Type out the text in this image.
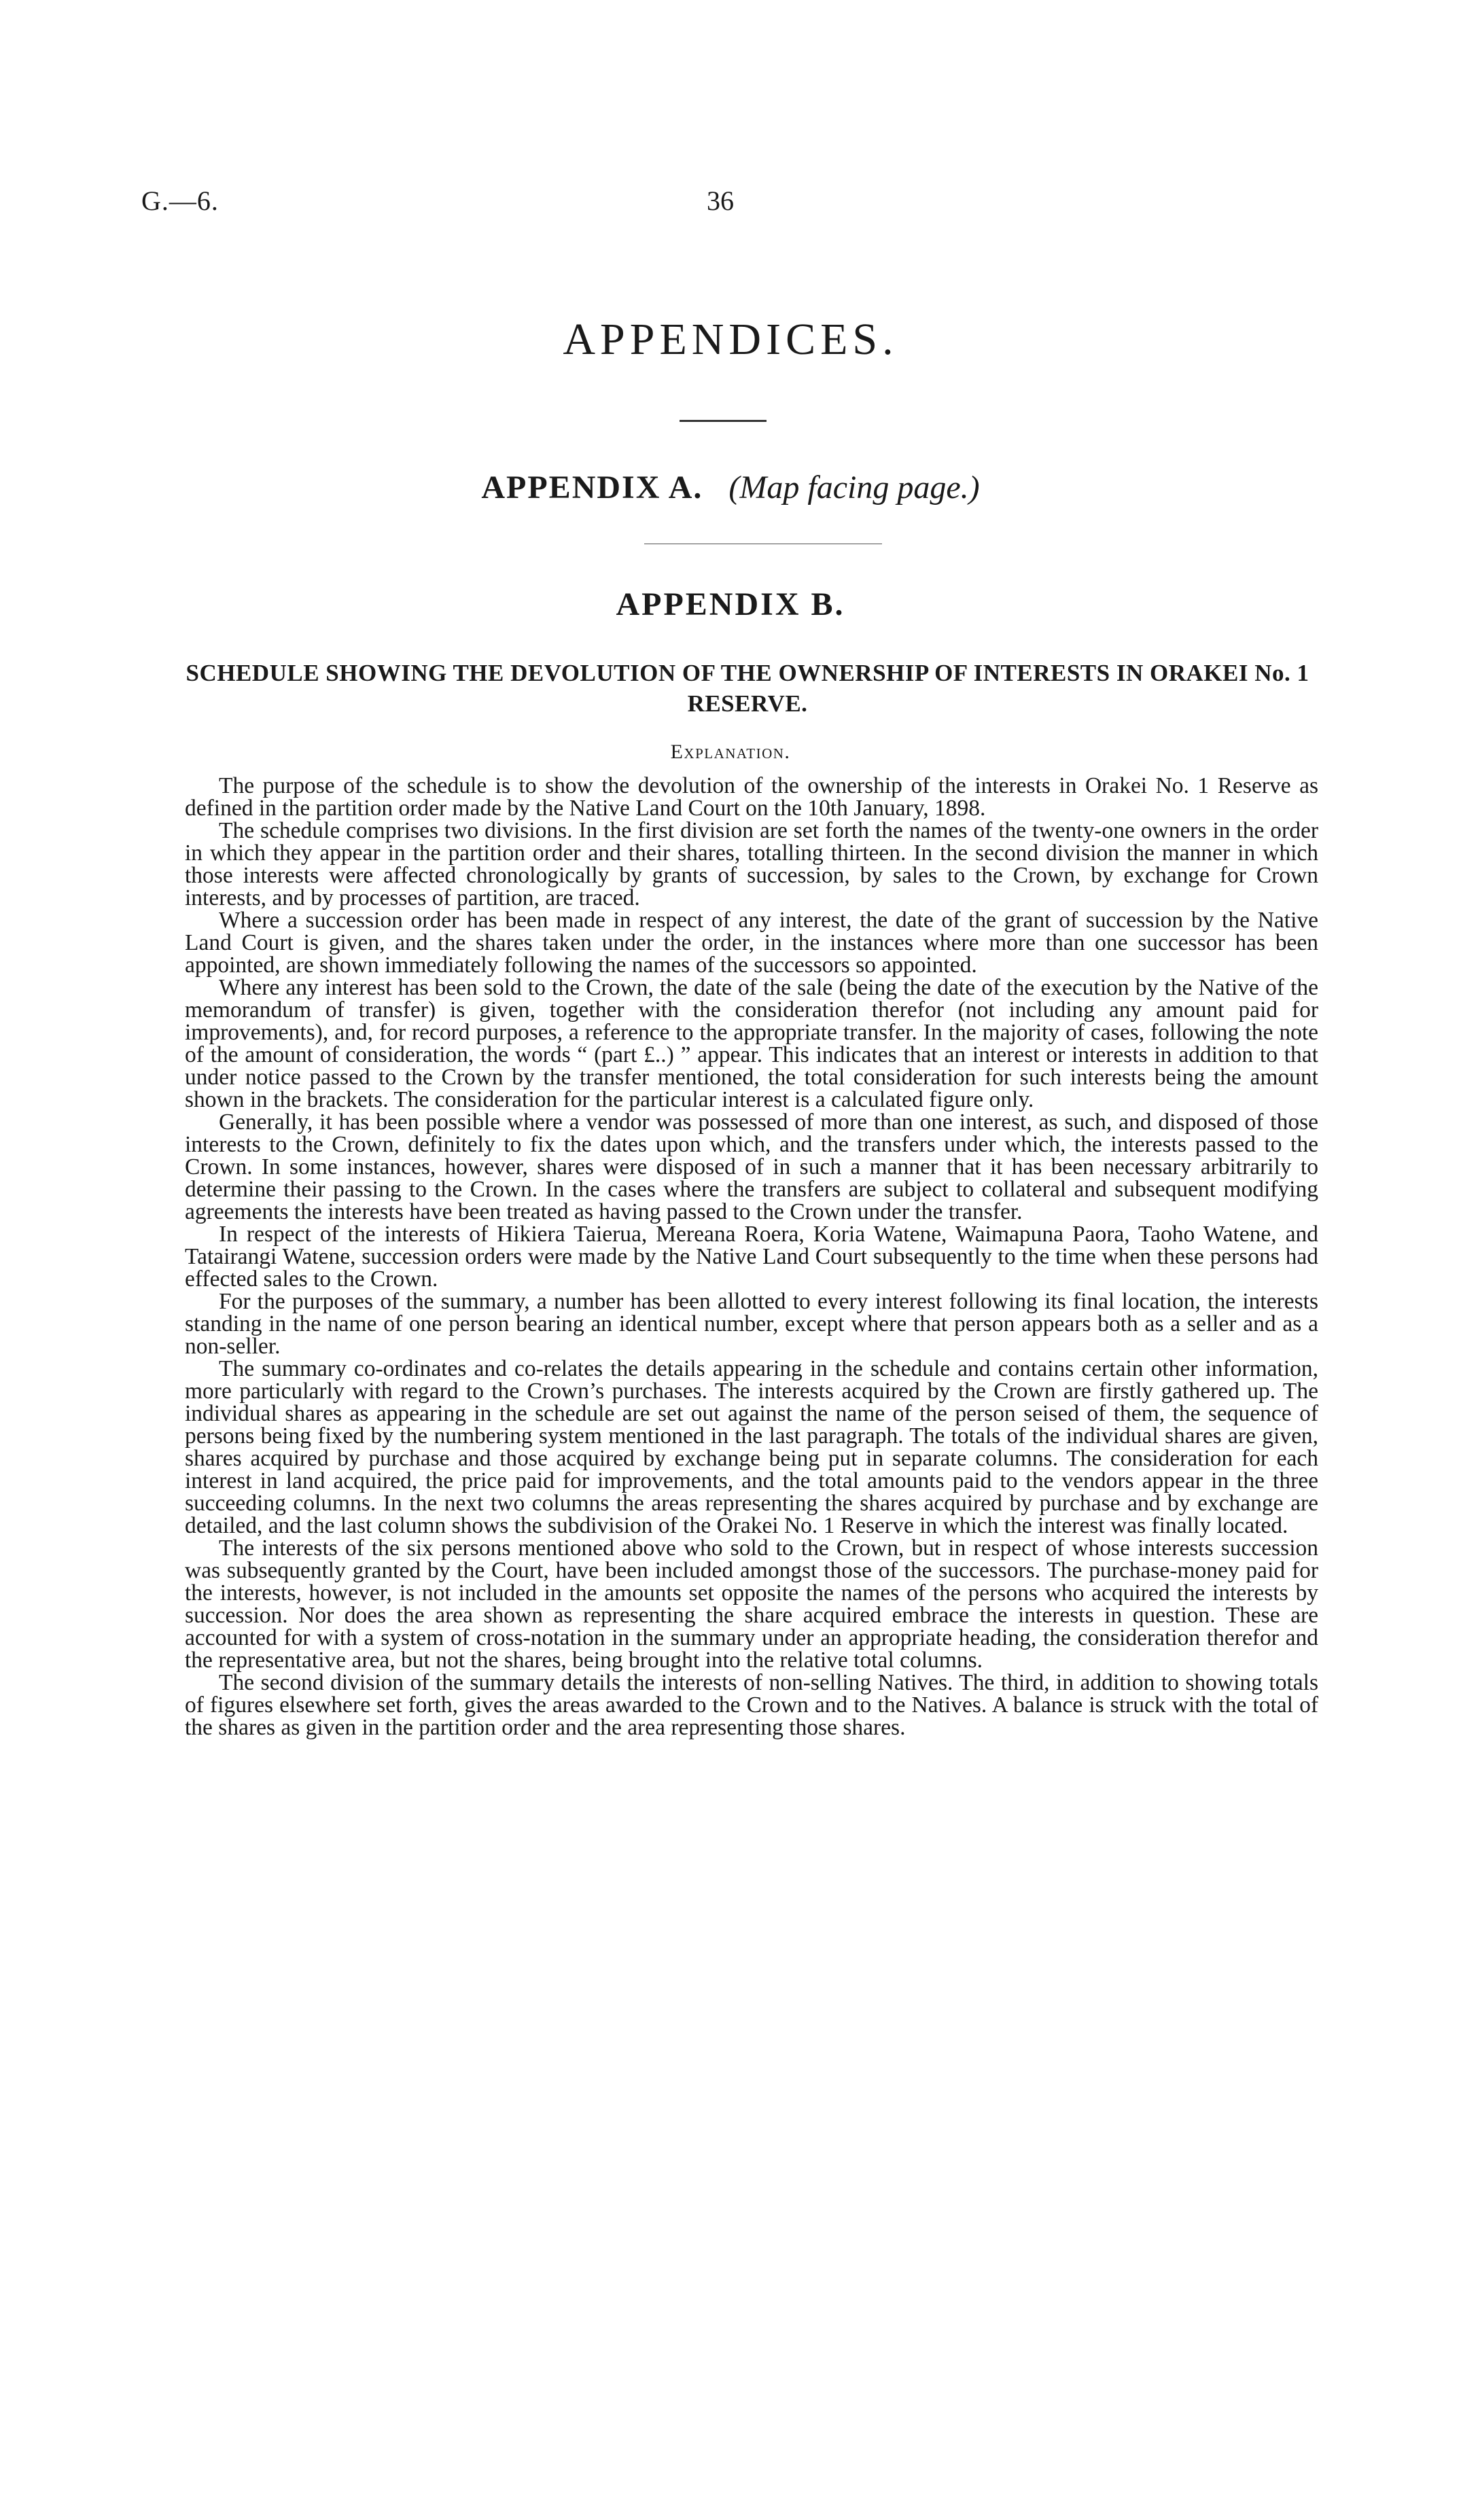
G.—6.	36
APPENDICES.
APPENDIX A. (Map facing page.)
APPENDIX B.
SCHEDULE SHOWING THE DEVOLUTION OF THE OWNERSHIP OF INTERESTS IN ORAKEI No. 1 RESERVE.
Explanation.

The purpose of the schedule is to show the devolution of the ownership of the interests in Orakei No. 1 Reserve as defined in the partition order made by the Native Land Court on the 10th January, 1898.

The schedule comprises two divisions. In the first division are set forth the names of the twenty-one owners in the order in which they appear in the partition order and their shares, totalling thirteen. In the second division the manner in which those interests were affected chronologically by grants of succession, by sales to the Crown, by exchange for Crown interests, and by processes of partition, are traced.

Where a succession order has been made in respect of any interest, the date of the grant of succession by the Native Land Court is given, and the shares taken under the order, in the instances where more than one successor has been appointed, are shown immediately following the names of the successors so appointed.

Where any interest has been sold to the Crown, the date of the sale (being the date of the execution by the Native of the memorandum of transfer) is given, together with the consideration therefor (not including any amount paid for improvements), and, for record purposes, a reference to the appropriate transfer. In the majority of cases, following the note of the amount of consideration, the words “ (part £..) ” appear. This indicates that an interest or interests in addition to that under notice passed to the Crown by the transfer mentioned, the total consideration for such interests being the amount shown in the brackets. The consideration for the particular interest is a calculated figure only.

Generally, it has been possible where a vendor was possessed of more than one interest, as such, and disposed of those interests to the Crown, definitely to fix the dates upon which, and the transfers under which, the interests passed to the Crown. In some instances, however, shares were disposed of in such a manner that it has been necessary arbitrarily to determine their passing to the Crown. In the cases where the transfers are subject to collateral and subsequent modifying agreements the interests have been treated as having passed to the Crown under the transfer.

In respect of the interests of Hikiera Taierua, Mereana Roera, Koria Watene, Waimapuna Paora, Taoho Watene, and Tatairangi Watene, succession orders were made by the Native Land Court subsequently to the time when these persons had effected sales to the Crown.

For the purposes of the summary, a number has been allotted to every interest following its final location, the interests standing in the name of one person bearing an identical number, except where that person appears both as a seller and as a non-seller.

The summary co-ordinates and co-relates the details appearing in the schedule and contains certain other information, more particularly with regard to the Crown’s purchases. The interests acquired by the Crown are firstly gathered up. The individual shares as appearing in the schedule are set out against the name of the person seised of them, the sequence of persons being fixed by the numbering system mentioned in the last paragraph. The totals of the individual shares are given, shares acquired by purchase and those acquired by exchange being put in separate columns. The consideration for each interest in land acquired, the price paid for improvements, and the total amounts paid to the vendors appear in the three succeeding columns. In the next two columns the areas representing the shares acquired by purchase and by exchange are detailed, and the last column shows the subdivision of the Orakei No. 1 Reserve in which the interest was finally located.

The interests of the six persons mentioned above who sold to the Crown, but in respect of whose interests succession was subsequently granted by the Court, have been included amongst those of the successors. The purchase-money paid for the interests, however, is not included in the amounts set opposite the names of the persons who acquired the interests by succession. Nor does the area shown as representing the share acquired embrace the interests in question. These are accounted for with a system of cross-notation in the summary under an appropriate heading, the consideration therefor and the representative area, but not the shares, being brought into the relative total columns.

The second division of the summary details the interests of non-selling Natives. The third, in addition to showing totals of figures elsewhere set forth, gives the areas awarded to the Crown and to the Natives. A balance is struck with the total of the shares as given in the partition order and the area representing those shares.
